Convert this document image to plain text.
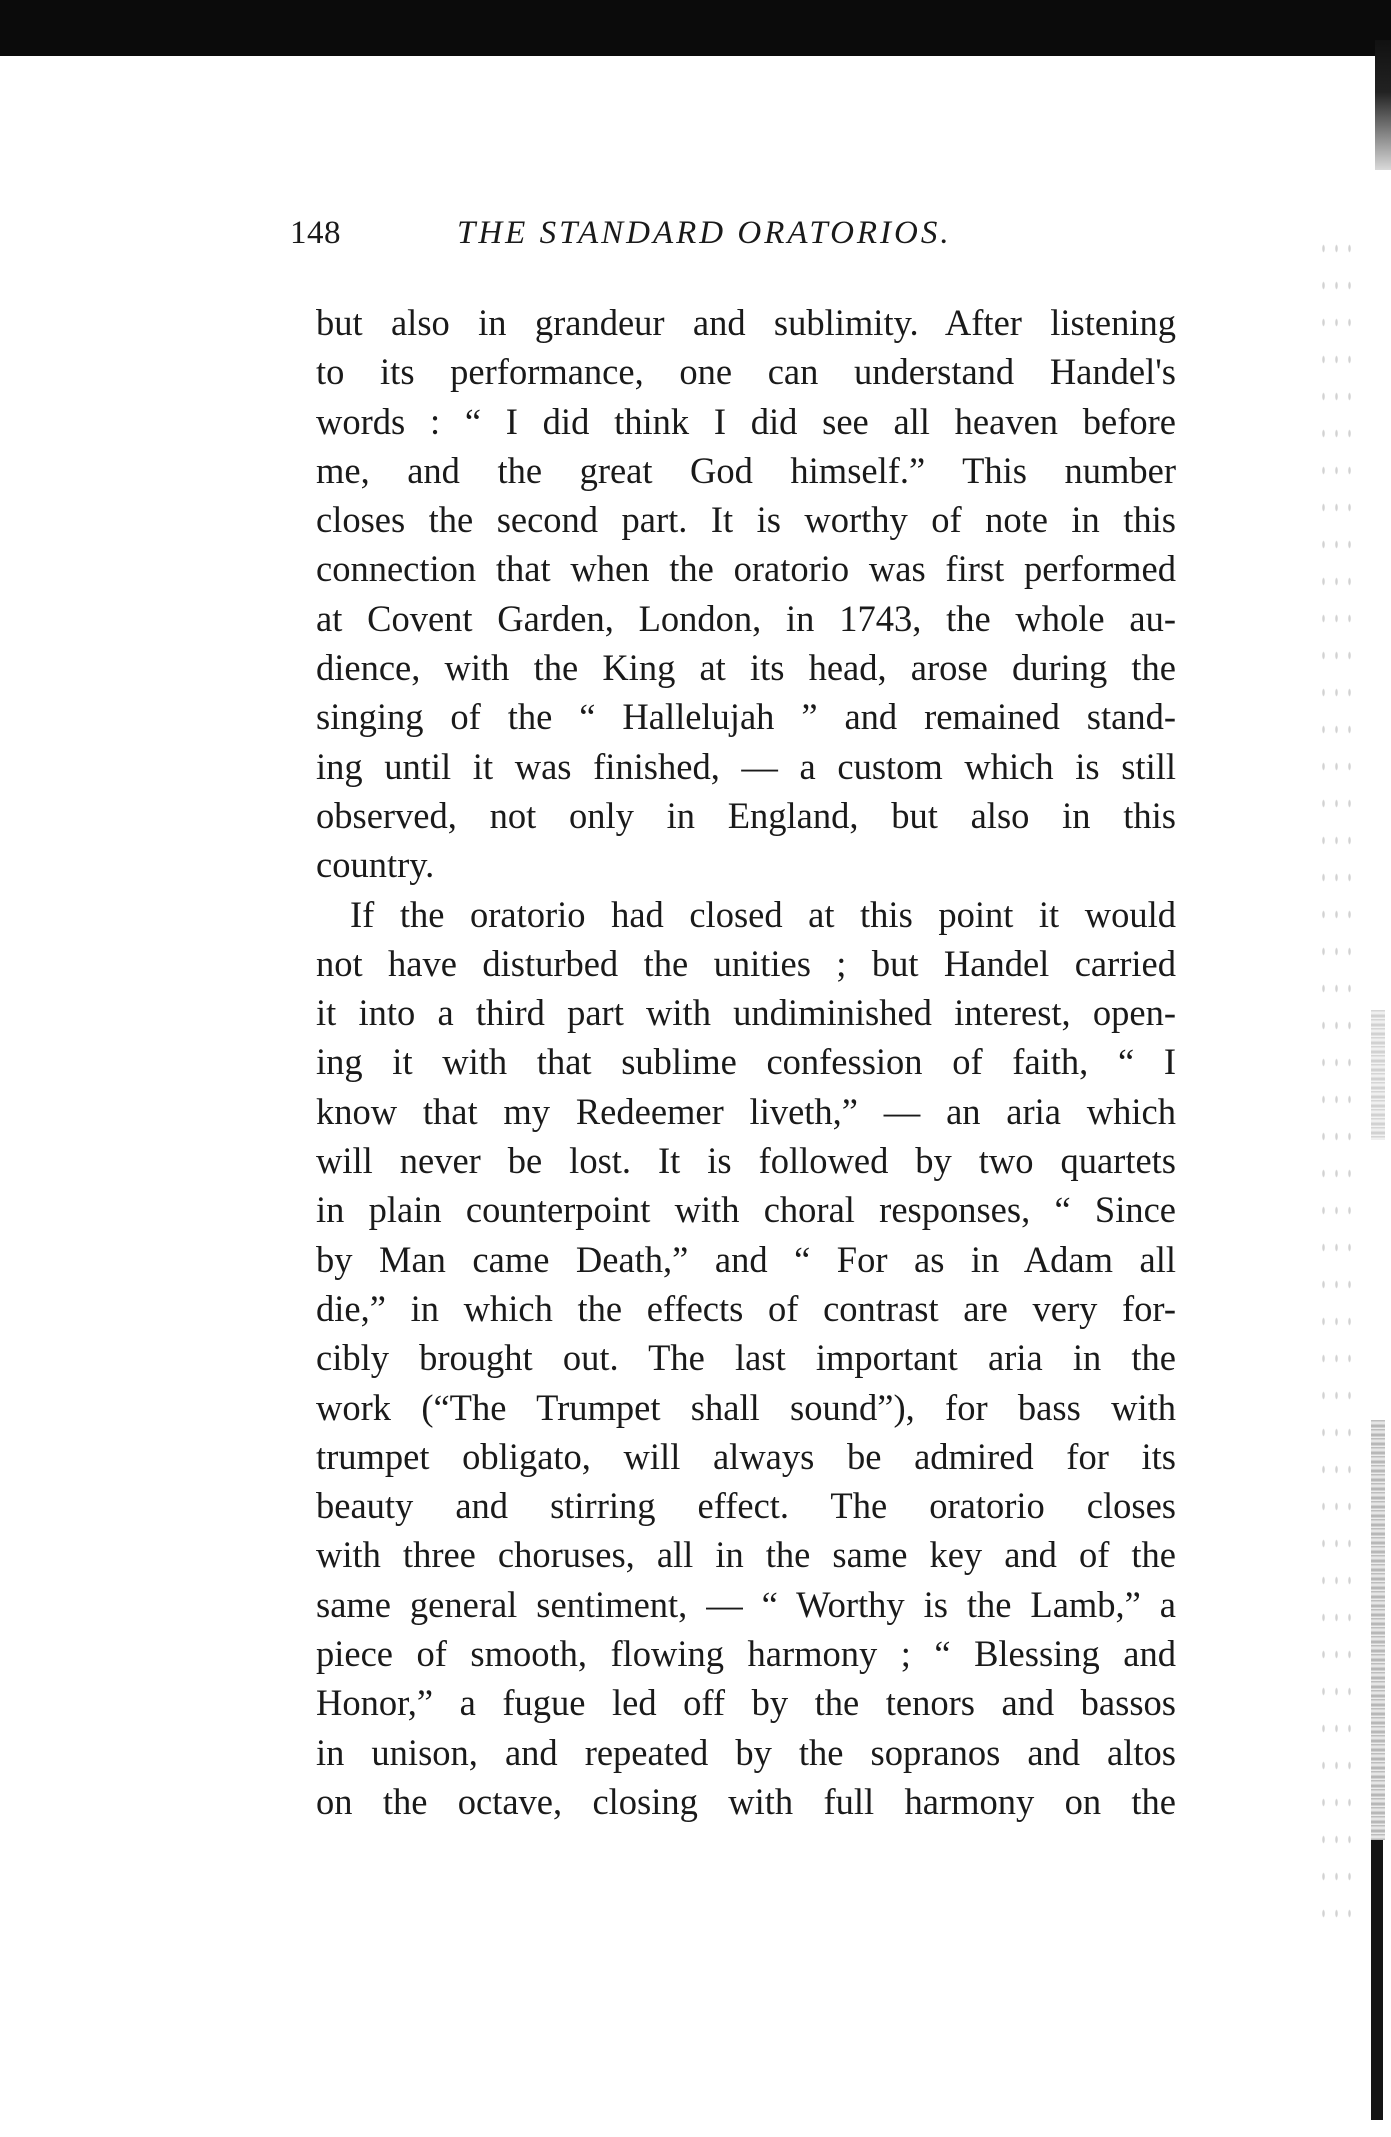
148	THE STANDARD ORATORIOS.
but also in grandeur and sublimity. After listening
to its performance, one can understand Handel's
words : “ I did think I did see all heaven before
me, and the great God himself.” This number
closes the second part. It is worthy of note in this
connection that when the oratorio was first performed
at Covent Garden, London, in 1743, the whole au-
dience, with the King at its head, arose during the
singing of the “ Hallelujah ” and remained stand-
ing until it was finished, — a custom which is still
observed, not only in England, but also in this
country.
If the oratorio had closed at this point it would
not have disturbed the unities ; but Handel carried
it into a third part with undiminished interest, open-
ing it with that sublime confession of faith, “ I
know that my Redeemer liveth,” — an aria which
will never be lost. It is followed by two quartets
in plain counterpoint with choral responses, “ Since
by Man came Death,” and “ For as in Adam all
die,” in which the effects of contrast are very for-
cibly brought out. The last important aria in the
work (“The Trumpet shall sound”), for bass with
trumpet obligato, will always be admired for its
beauty and stirring effect. The oratorio closes
with three choruses, all in the same key and of the
same general sentiment, — “ Worthy is the Lamb,” a
piece of smooth, flowing harmony ; “ Blessing and
Honor,” a fugue led off by the tenors and bassos
in unison, and repeated by the sopranos and altos
on the octave, closing with full harmony on the
